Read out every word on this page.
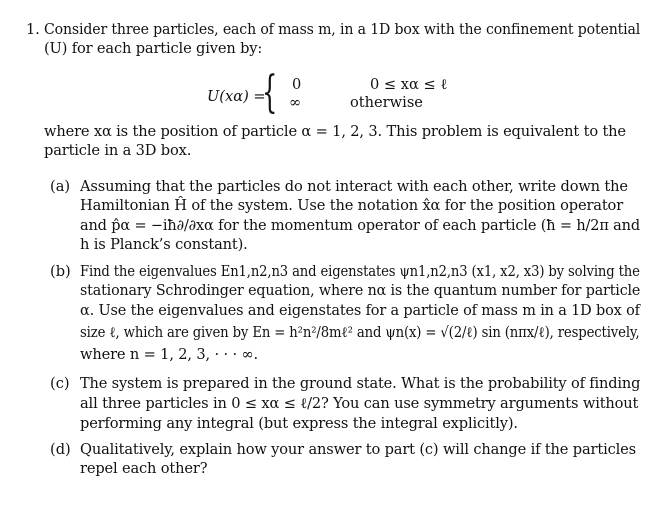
1. Consider three particles, each of mass m, in a 1D box with the confinement potential
(U) for each particle given by:
U(xα) =
{ 0	0 ≤ xα ≤ ℓ
∞	otherwise
where xα is the position of particle α = 1, 2, 3. This problem is equivalent to the
particle in a 3D box.
(a) Assuming that the particles do not interact with each other, write down the
Hamiltonian Ĥ of the system. Use the notation x̂α for the position operator
and p̂α = −iħ∂/∂xα for the momentum operator of each particle (ħ = h/2π and
h is Planck’s constant).
(b) Find the eigenvalues En1,n2,n3 and eigenstates ψn1,n2,n3 (x1, x2, x3) by solving the
stationary Schrodinger equation, where nα is the quantum number for particle
α. Use the eigenvalues and eigenstates for a particle of mass m in a 1D box of
size ℓ, which are given by En = h²n²/8mℓ² and ψn(x) = √(2/ℓ) sin (nπx/ℓ), respectively,
where n = 1, 2, 3, · · · ∞.
(c) The system is prepared in the ground state. What is the probability of finding
all three particles in 0 ≤ xα ≤ ℓ/2? You can use symmetry arguments without
performing any integral (but express the integral explicitly).
(d) Qualitatively, explain how your answer to part (c) will change if the particles
repel each other?
